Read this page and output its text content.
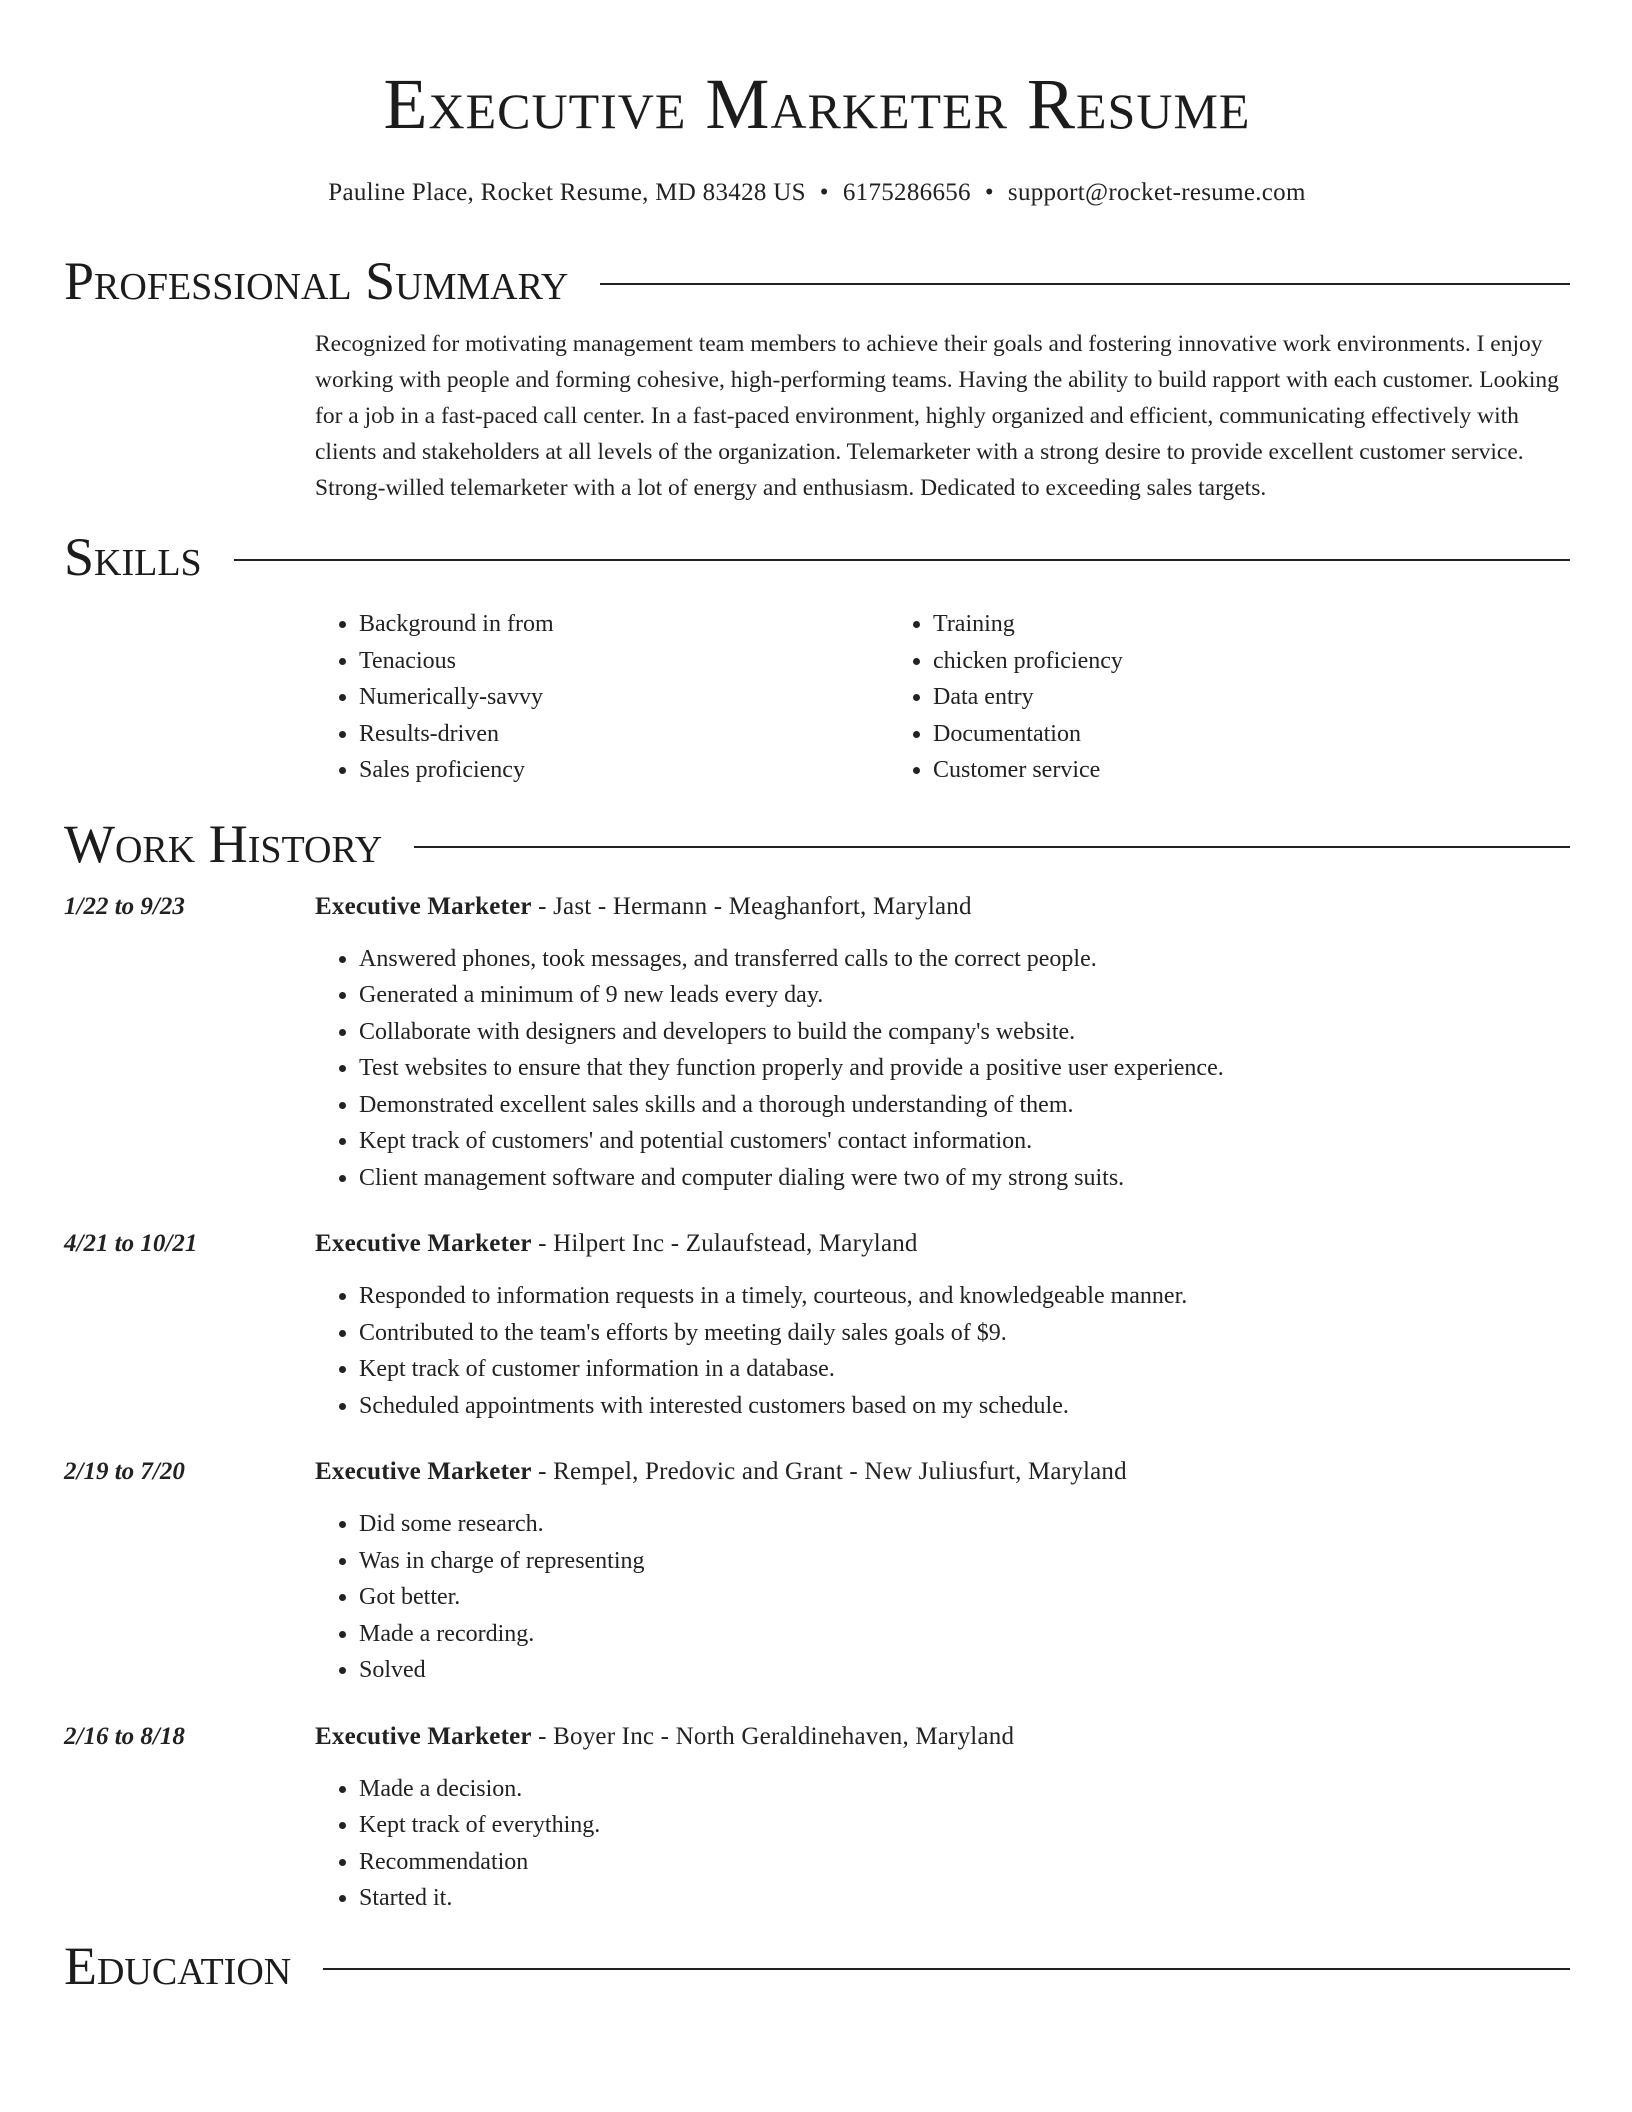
Executive Marketer Resume
Pauline Place, Rocket Resume, MD 83428 US • 6175286656 • support@rocket-resume.com
Professional Summary
Recognized for motivating management team members to achieve their goals and fostering innovative work environments. I enjoy working with people and forming cohesive, high-performing teams. Having the ability to build rapport with each customer. Looking for a job in a fast-paced call center. In a fast-paced environment, highly organized and efficient, communicating effectively with clients and stakeholders at all levels of the organization. Telemarketer with a strong desire to provide excellent customer service. Strong-willed telemarketer with a lot of energy and enthusiasm. Dedicated to exceeding sales targets.
Skills
• Background in from
• Tenacious
• Numerically-savvy
• Results-driven
• Sales proficiency
• Training
• chicken proficiency
• Data entry
• Documentation
• Customer service
Work History
1/22 to 9/23	Executive Marketer - Jast - Hermann - Meaghanfort, Maryland
• Answered phones, took messages, and transferred calls to the correct people.
• Generated a minimum of 9 new leads every day.
• Collaborate with designers and developers to build the company's website.
• Test websites to ensure that they function properly and provide a positive user experience.
• Demonstrated excellent sales skills and a thorough understanding of them.
• Kept track of customers' and potential customers' contact information.
• Client management software and computer dialing were two of my strong suits.
4/21 to 10/21	Executive Marketer - Hilpert Inc - Zulaufstead, Maryland
• Responded to information requests in a timely, courteous, and knowledgeable manner.
• Contributed to the team's efforts by meeting daily sales goals of $9.
• Kept track of customer information in a database.
• Scheduled appointments with interested customers based on my schedule.
2/19 to 7/20	Executive Marketer - Rempel, Predovic and Grant - New Juliusfurt, Maryland
• Did some research.
• Was in charge of representing
• Got better.
• Made a recording.
• Solved
2/16 to 8/18	Executive Marketer - Boyer Inc - North Geraldinehaven, Maryland
• Made a decision.
• Kept track of everything.
• Recommendation
• Started it.
Education
